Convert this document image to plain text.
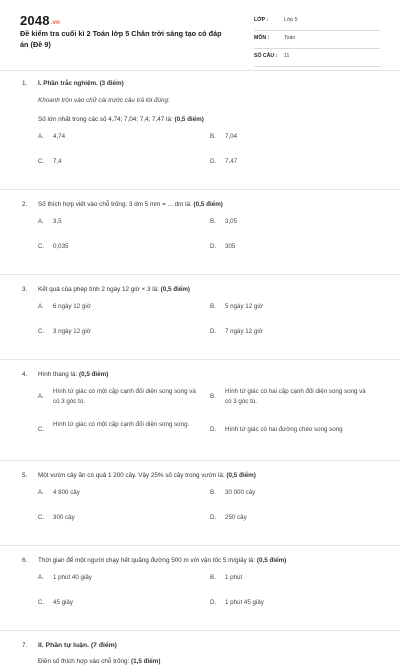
2048.vn
Đề kiểm tra cuối kì 2 Toán lớp 5 Chân trời sáng tạo có đáp án (Đề 9)
LỚP :	Lớp 5
MÔN :	Toán
SỐ CÂU : 11
1. I. Phần trắc nghiệm. (3 điểm)
Khoanh tròn vào chữ cái trước câu trả lời đúng:
Số lớn nhất trong các số 4,74; 7,04; 7,4; 7,47 là: (0,5 điểm)
A. 4,74	B. 7,04
C. 7,4	D. 7,47
2. Số thích hợp viết vào chỗ trống: 3 dm 5 mm = ... dm là: (0,5 điểm)
A. 3,5	B. 3,05
C. 0,035	D. 305
3. Kết quả của phép tính 2 ngày 12 giờ × 3 là: (0,5 điểm)
A. 6 ngày 12 giờ	B. 5 ngày 12 giờ
C. 3 ngày 12 giờ	D. 7 ngày 12 giờ
4. Hình thang là: (0,5 điểm)
A.
Hình tứ giác có một cặp cạnh đối diện song song và có 3 góc tù.
B.
Hình tứ giác có hai cặp cạnh đối diện song song và có 3 góc tù.
C.
Hình tứ giác có một cặp cạnh đối diện song song.
D. Hình tứ giác có hai đường chéo song song
5. Một vườn cây ăn có quả 1 200 cây. Vậy 25% số cây trong vườn là: (0,5 điểm)
A. 4 800 cây	B. 30 000 cây
C. 300 cây	D. 250 cây
6. Thời gian để một người chạy hết quãng đường 500 m với vận tốc 5 m/giây là: (0,5 điểm)
A. 1 phút 40 giây	B. 1 phút
C. 45 giây	D. 1 phút 45 giây
7. II. Phần tự luận. (7 điểm)
Điền số thích hợp vào chỗ trống: (1,5 điểm)
